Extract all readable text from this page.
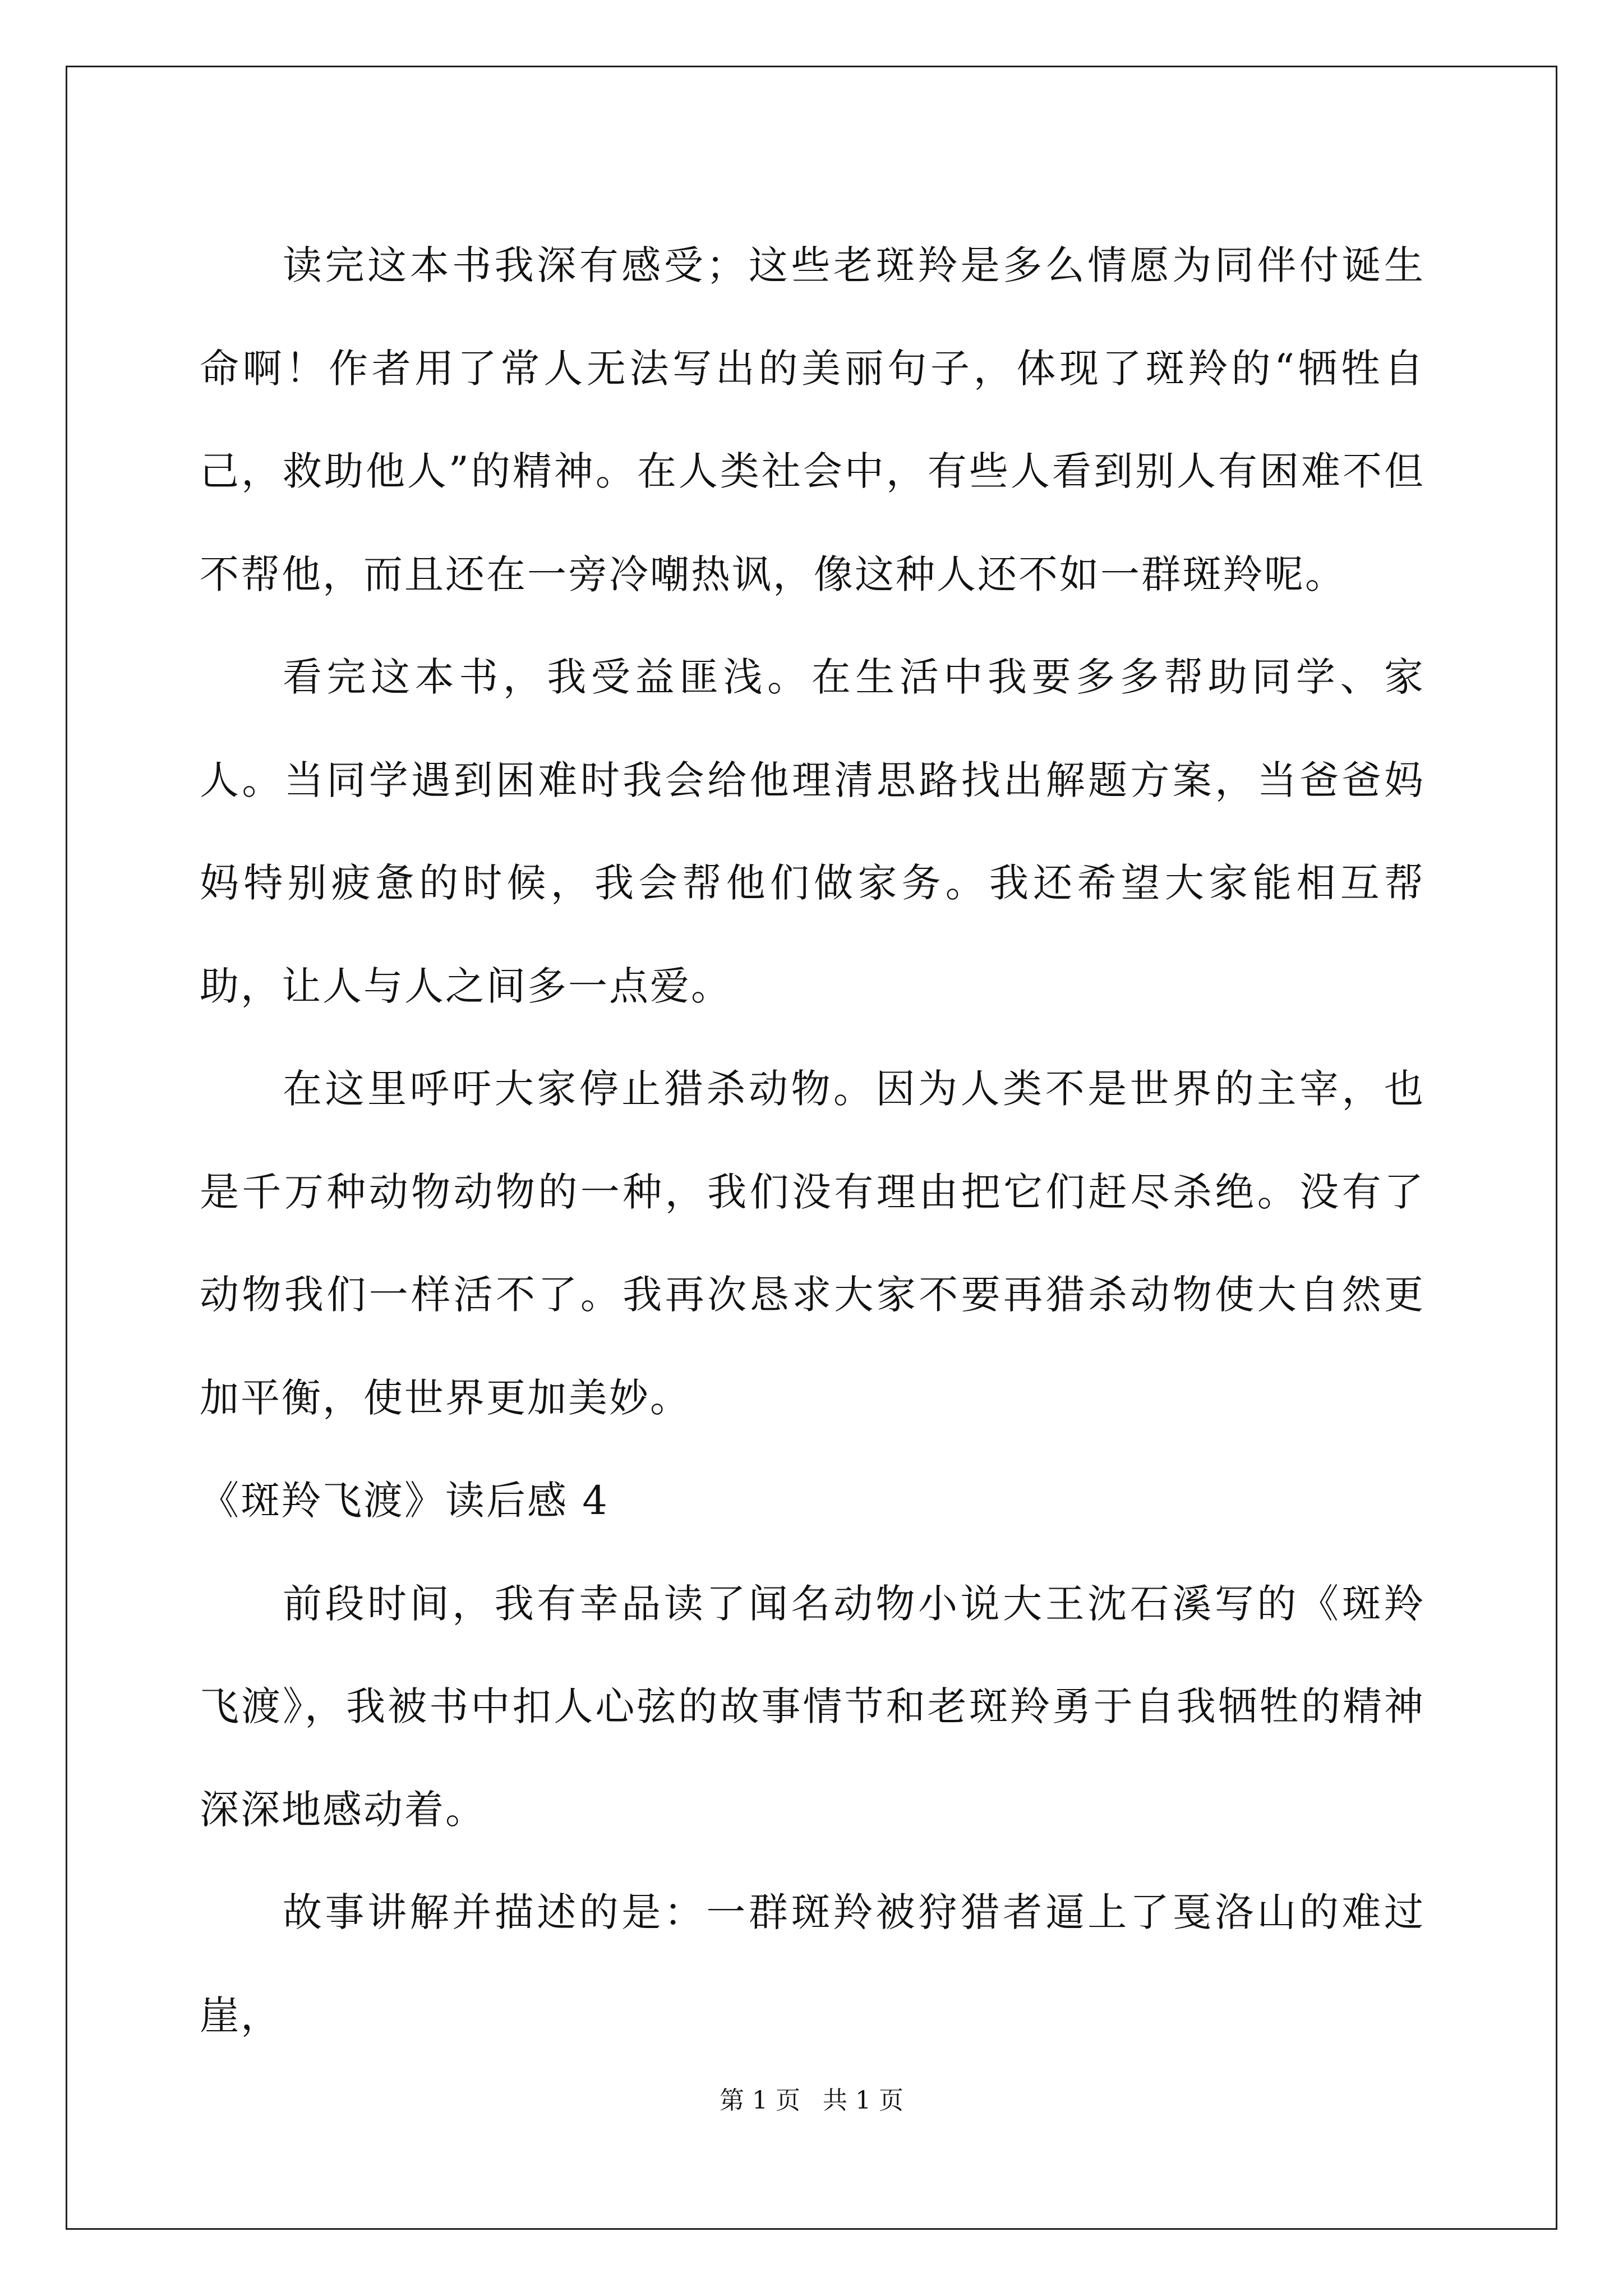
读完这本书我深有感受；这些老斑羚是多么情愿为同伴付诞生命啊！作者用了常人无法写出的美丽句子，体现了斑羚的“牺牲自己，救助他人”的精神。在人类社会中，有些人看到别人有困难不但不帮他，而且还在一旁冷嘲热讽，像这种人还不如一群斑羚呢。

看完这本书，我受益匪浅。在生活中我要多多帮助同学、家人。当同学遇到困难时我会给他理清思路找出解题方案，当爸爸妈妈特别疲惫的时候，我会帮他们做家务。我还希望大家能相互帮助，让人与人之间多一点爱。

在这里呼吁大家停止猎杀动物。因为人类不是世界的主宰，也是千万种动物动物的一种，我们没有理由把它们赶尽杀绝。没有了动物我们一样活不了。我再次恳求大家不要再猎杀动物使大自然更加平衡，使世界更加美妙。

《斑羚飞渡》读后感 4

前段时间，我有幸品读了闻名动物小说大王沈石溪写的《斑羚飞渡》，我被书中扣人心弦的故事情节和老斑羚勇于自我牺牲的精神深深地感动着。

故事讲解并描述的是：一群斑羚被狩猎者逼上了戛洛山的难过崖，

第 1 页 共 1 页
